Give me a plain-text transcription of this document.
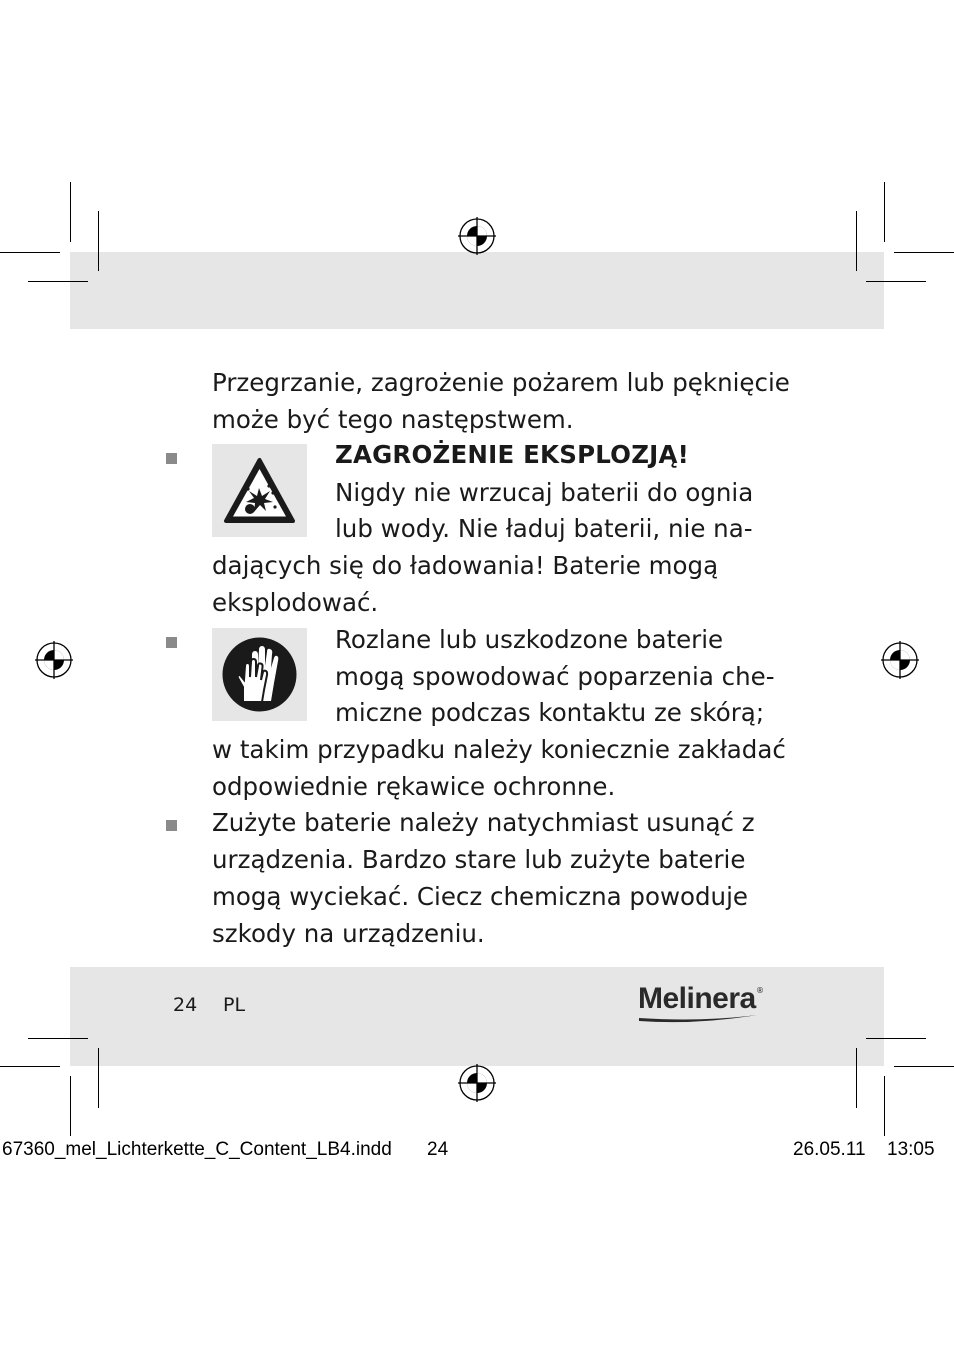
Przegrzanie, zagrożenie pożarem lub pęknięcie
może być tego następstwem.
ZAGROŻENIE EKSPLOZJĄ!
Nigdy nie wrzucaj baterii do ognia
lub wody. Nie ładuj baterii, nie na-
dających się do ładowania! Baterie mogą
eksplodować.
Rozlane lub uszkodzone baterie
mogą spowodować poparzenia che-
miczne podczas kontaktu ze skórą;
w takim przypadku należy koniecznie zakładać
odpowiednie rękawice ochronne.
Zużyte baterie należy natychmiast usunąć z
urządzenia. Bardzo stare lub zużyte baterie
mogą wyciekać. Ciecz chemiczna powoduje
szkody na urządzeniu.
24 PL	Melinera ®
67360_mel_Lichterkette_C_Content_LB4.indd 24	26.05.11 13:05
